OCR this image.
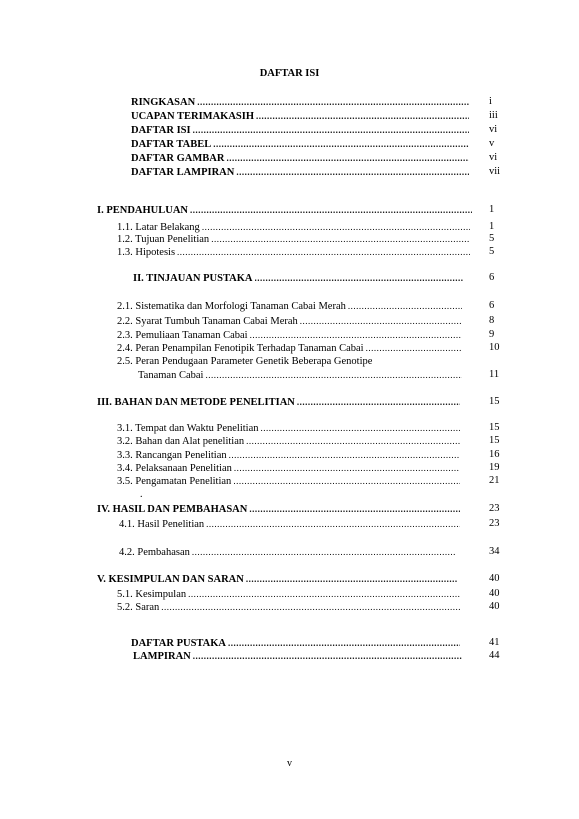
DAFTAR ISI
RINGKASAN .....	i
UCAPAN TERIMAKASIH .....	iii
DAFTAR ISI .....	vi
DAFTAR TABEL .....	v
DAFTAR GAMBAR .....	vi
DAFTAR LAMPIRAN .....	vii
I. PENDAHULUAN .....	1
1.1. Latar Belakang .....	1
1.2. Tujuan Penelitian .....	5
1.3. Hipotesis .....	5
II. TINJAUAN PUSTAKA .....	6
2.1. Sistematika dan Morfologi Tanaman Cabai Merah .....	6
2.2. Syarat Tumbuh Tanaman Cabai Merah .....	8
2.3. Pemuliaan Tanaman Cabai .....	9
2.4. Peran Penampilan Fenotipik Terhadap Tanaman Cabai .....	10
2.5. Peran Pendugaan Parameter Genetik Beberapa Genotipe
Tanaman Cabai .....	11
III. BAHAN DAN METODE PENELITIAN .....	15
3.1. Tempat dan Waktu Penelitian .....	15
3.2. Bahan dan Alat penelitian .....	15
3.3. Rancangan Penelitian .....	16
3.4. Pelaksanaan Penelitian .....	19
3.5. Pengamatan Penelitian .....	21
.
IV. HASIL DAN PEMBAHASAN .....	23
4.1. Hasil Penelitian .....	23
4.2. Pembahasan .....	34
V. KESIMPULAN DAN SARAN .....	40
5.1. Kesimpulan .....	40
5.2. Saran .....	40
DAFTAR PUSTAKA .....	41
LAMPIRAN .....	44
v
